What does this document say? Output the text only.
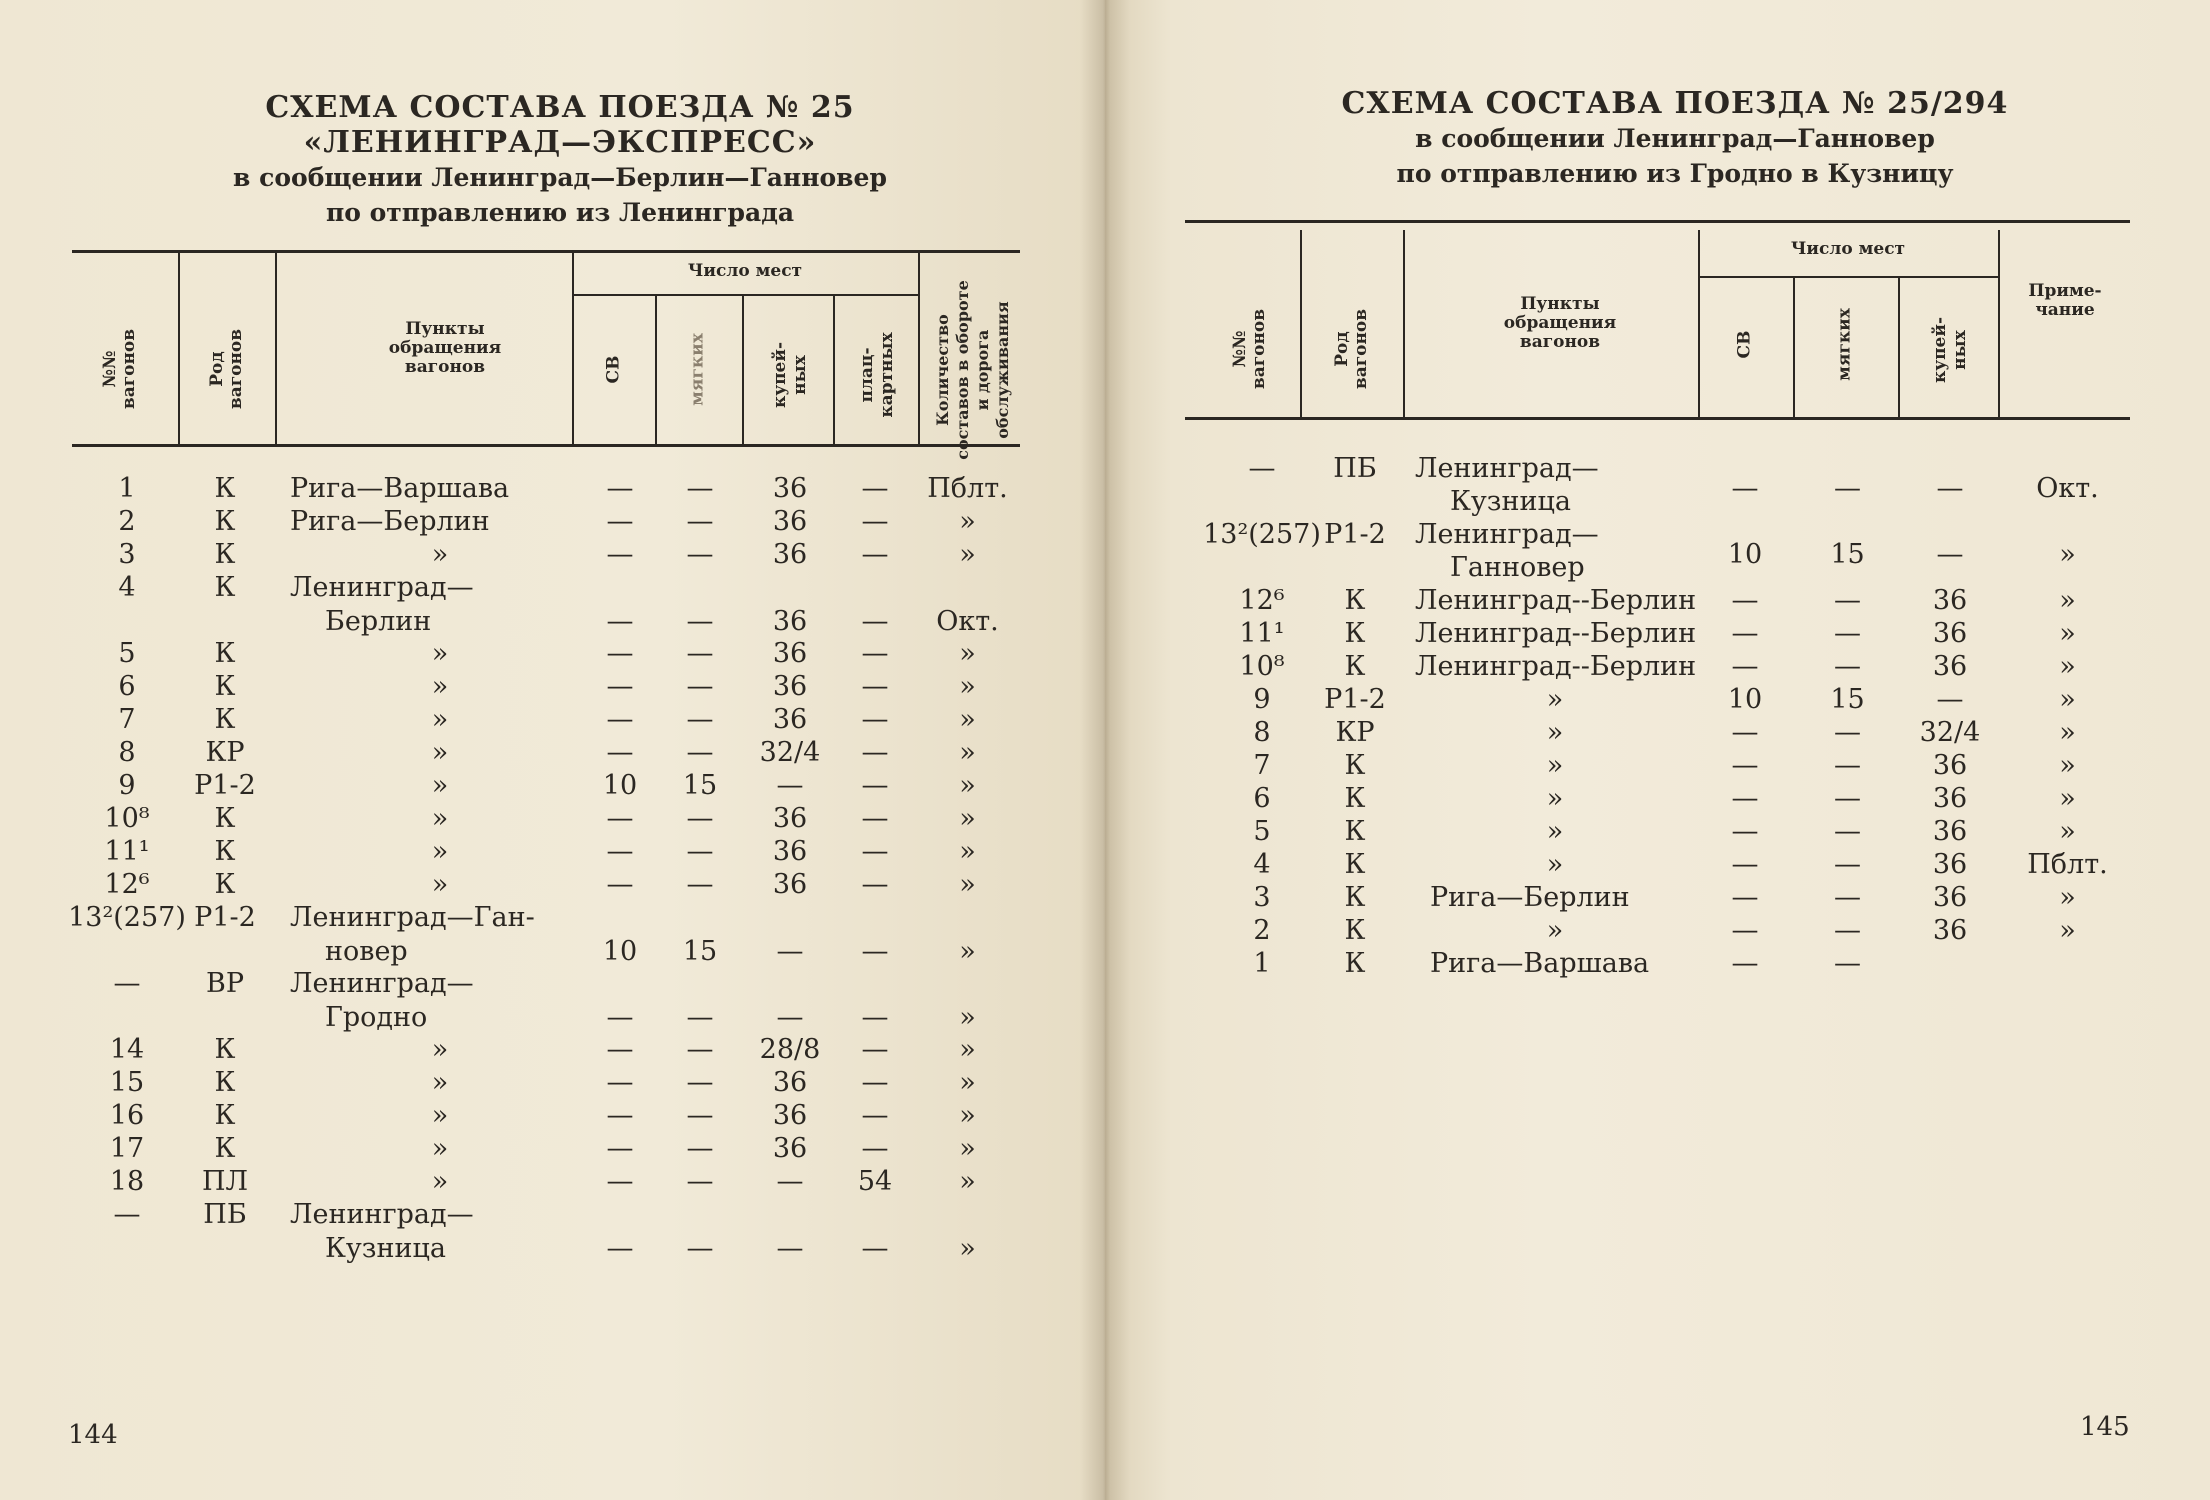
СХЕМА СОСТАВА ПОЕЗДА № 25
«ЛЕНИНГРАД—ЭКСПРЕСС»
в сообщении Ленинград—Берлин—Ганновер
по отправлению из Ленинграда
№№ вагонов	Род вагонов	Пункты обращения вагонов
Число мест
СВ	мягких	купей-ных	плац-картных Количество составов в обороте и дорога обслуживания
1	К	Рига—Варшава	—	—	36	—	Пблт.
2	К	Рига—Берлин	—	—	36	—	»
3	К	»	—	—	36	—	»
4	К	Ленинград—
Берлин	—	—	36	—	Окт.
5	К	»	—	—	36	—	»
6	К	»	—	—	36	—	»
7	К	»	—	—	36	—	»
8	КР	»	—	—	32/4	—	»
9	Р1-2	»	10	15	—	—	»
10⁸	К	»	—	—	36	—	»
11¹	К	»	—	—	36	—	»
12⁶	К	»	—	—	36	—	»
13²(257) Р1-2 Ленинград—Ган-
новер	10	15	—	—	»
—	ВР	Ленинград—
Гродно	—	—	—	—	»
14	К	»	—	—	28/8	—	»
15	К	»	—	—	36	—	»
16	К	»	—	—	36	—	»
17	К	»	—	—	36	—	»
18	ПЛ	»	—	—	—	54	»
—	ПБ	Ленинград—
Кузница	—	—	—	—	»
144
СХЕМА СОСТАВА ПОЕЗДА № 25/294
в сообщении Ленинград—Ганновер
по отправлению из Гродно в Кузницу
№№ вагонов	Род вагонов
Пункты обращения вагонов
Число мест
СВ	мягких	купей-ных
Приме-чание
—	ПБ	Ленинград—
Кузница	—	—	—	Окт.
13²(257) Р1-2	Ленинград—
Ганновер	10	15	—	»
12⁶	К	Ленинград--Берлин	—	—	36	»
11¹	К	Ленинград--Берлин	—	—	36	»
10⁸	К	Ленинград--Берлин	—	—	36	»
9	Р1-2	»	10	15	—	»
8	КР	»	—	—	32/4	»
7	К	»	—	—	36	»
6	К	»	—	—	36	»
5	К	»	—	—	36	»
4	К	»	—	—	36	Пблт.
3	К	Рига—Берлин	—	—	36	»
2	К	»	—	—	36	»
1	К	Рига—Варшава	—	—
145
